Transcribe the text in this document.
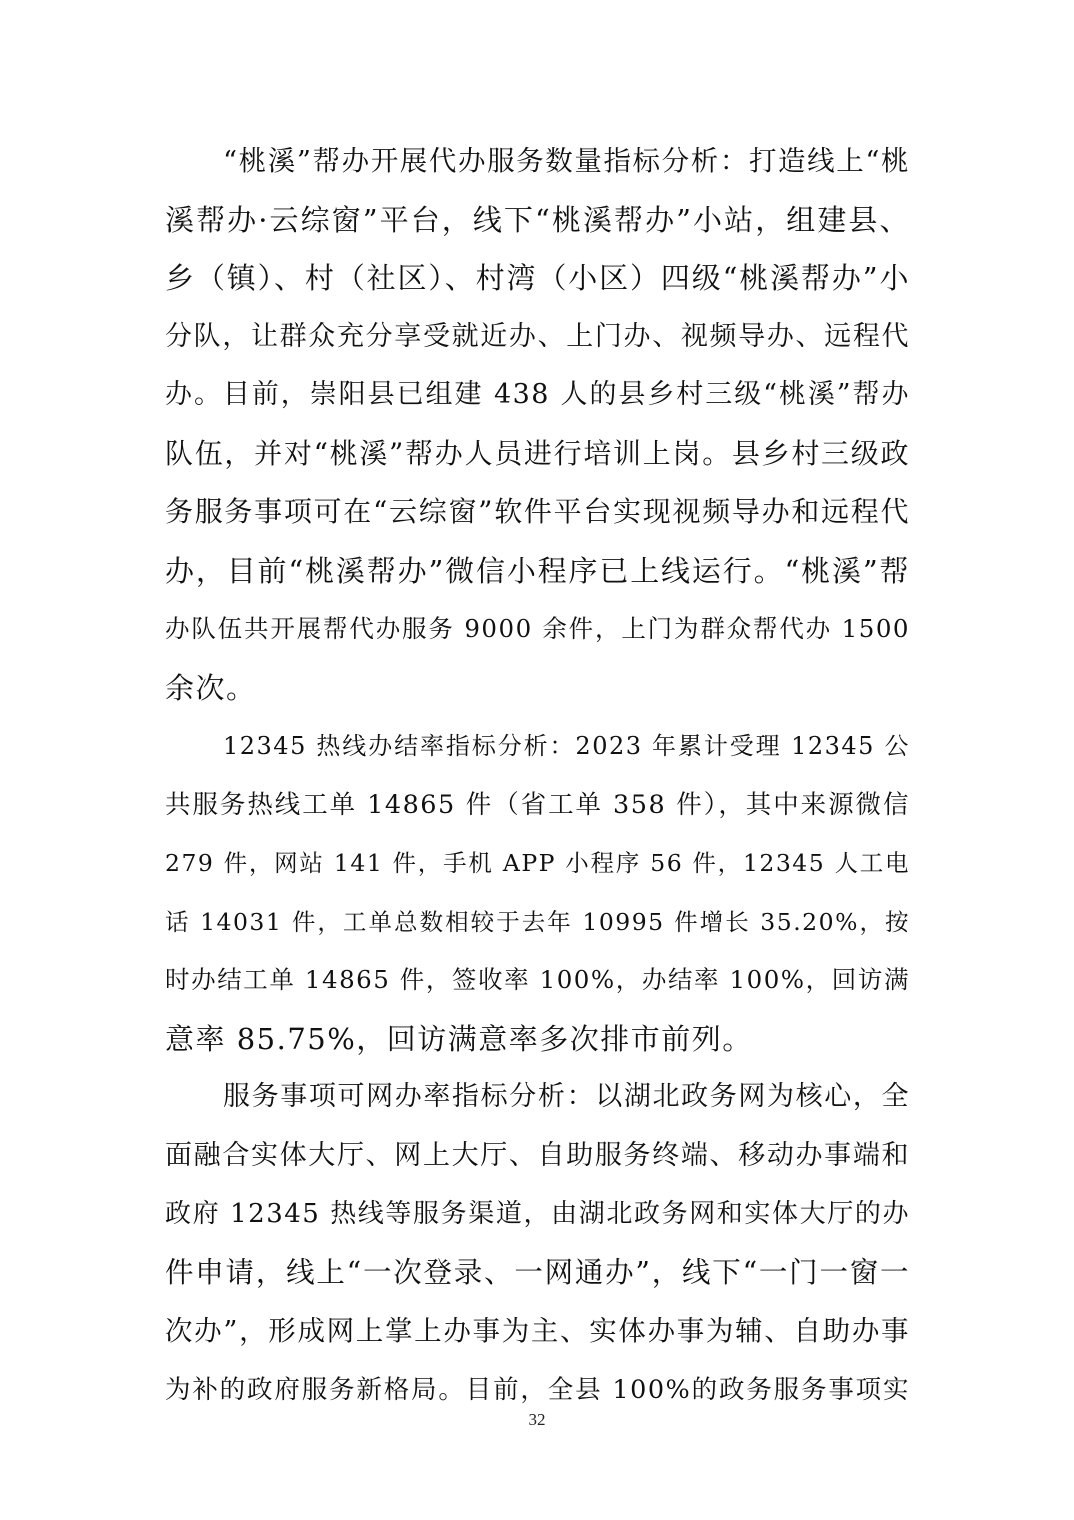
“桃溪”帮办开展代办服务数量指标分析：打造线上“桃
溪帮办·云综窗”平台，线下“桃溪帮办”小站，组建县、
乡（镇）、村（社区）、村湾（小区）四级“桃溪帮办”小
分队，让群众充分享受就近办、上门办、视频导办、远程代
办。目前，崇阳县已组建 438 人的县乡村三级“桃溪”帮办
队伍，并对“桃溪”帮办人员进行培训上岗。县乡村三级政
务服务事项可在“云综窗”软件平台实现视频导办和远程代
办，目前“桃溪帮办”微信小程序已上线运行。“桃溪”帮
办队伍共开展帮代办服务 9000 余件，上门为群众帮代办 1500
余次。
12345 热线办结率指标分析：2023 年累计受理 12345 公
共服务热线工单 14865 件（省工单 358 件），其中来源微信
279 件，网站 141 件，手机 APP 小程序 56 件，12345 人工电
话 14031 件，工单总数相较于去年 10995 件增长 35.20%，按
时办结工单 14865 件，签收率 100%，办结率 100%，回访满
意率 85.75%，回访满意率多次排市前列。
服务事项可网办率指标分析：以湖北政务网为核心，全
面融合实体大厅、网上大厅、自助服务终端、移动办事端和
政府 12345 热线等服务渠道，由湖北政务网和实体大厅的办
件申请，线上“一次登录、一网通办”，线下“一门一窗一
次办”，形成网上掌上办事为主、实体办事为辅、自助办事
为补的政府服务新格局。目前，全县 100%的政务服务事项实
32
